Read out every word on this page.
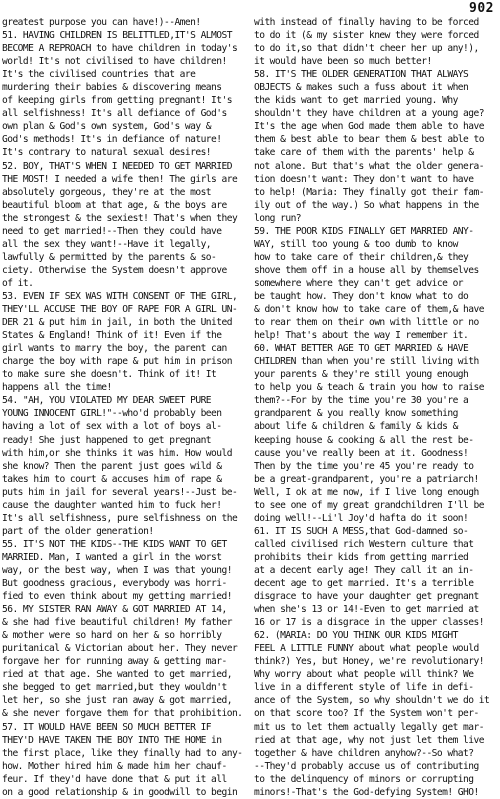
902
greatest purpose you can have!)--Amen!
51. HAVING CHILDREN IS BELITTLED,IT'S ALMOST
BECOME A REPROACH to have children in today's
world! It's not civilised to have children!
It's the civilised countries that are
murdering their babies & discovering means
of keeping girls from getting pregnant! It's
all selfishness! It's all defiance of God's
own plan & God's own system, God's way &
God's methods! It's in defiance of nature!
It's contrary to natural sexual desires!
52. BOY, THAT'S WHEN I NEEDED TO GET MARRIED
THE MOST! I needed a wife then! The girls are
absolutely gorgeous, they're at the most
beautiful bloom at that age, & the boys are
the strongest & the sexiest! That's when they
need to get married!--Then they could have
all the sex they want!--Have it legally,
lawfully & permitted by the parents & so-
ciety. Otherwise the System doesn't approve
of it.
53. EVEN IF SEX WAS WITH CONSENT OF THE GIRL,
THEY'LL ACCUSE THE BOY OF RAPE FOR A GIRL UN-
DER 21 & put him in jail, in both the United
States & England! Think of it! Even if the
girl wants to marry the boy, the parent can
charge the boy with rape & put him in prison
to make sure she doesn't. Think of it! It
happens all the time!
54. "AH, YOU VIOLATED MY DEAR SWEET PURE
YOUNG INNOCENT GIRL!"--who'd probably been
having a lot of sex with a lot of boys al-
ready! She just happened to get pregnant
with him,or she thinks it was him. How would
she know? Then the parent just goes wild &
takes him to court & accuses him of rape &
puts him in jail for several years!--Just be-
cause the daughter wanted him to fuck her!
It's all selfishness, pure selfishness on the
part of the older generation!
55. IT'S NOT THE KIDS--THE KIDS WANT TO GET
MARRIED. Man, I wanted a girl in the worst
way, or the best way, when I was that young!
But goodness gracious, everybody was horri-
fied to even think about my getting married!
56. MY SISTER RAN AWAY & GOT MARRIED AT 14,
& she had five beautiful children! My father
& mother were so hard on her & so horribly
puritanical & Victorian about her. They never
forgave her for running away & getting mar-
ried at that age. She wanted to get married,
she begged to get married,but they wouldn't
let her, so she just ran away & got married,
& she never forgave them for that prohibition.
57. IT WOULD HAVE BEEN SO MUCH BETTER IF
THEY'D HAVE TAKEN THE BOY INTO THE HOME in
the first place, like they finally had to any-
how. Mother hired him & made him her chauf-
feur. If they'd have done that & put it all
on a good relationship & in goodwill to begin
with instead of finally having to be forced
to do it (& my sister knew they were forced
to do it,so that didn't cheer her up any!),
it would have been so much better!
58. IT'S THE OLDER GENERATION THAT ALWAYS
OBJECTS & makes such a fuss about it when
the kids want to get married young. Why
shouldn't they have children at a young age?
It's the age when God made them able to have
them & best able to bear them & best able to
take care of them with the parents' help &
not alone. But that's what the older genera-
tion doesn't want: They don't want to have
to help! (Maria: They finally got their fam-
ily out of the way.) So what happens in the
long run?
59. THE POOR KIDS FINALLY GET MARRIED ANY-
WAY, still too young & too dumb to know
how to take care of their children,& they
shove them off in a house all by themselves
somewhere where they can't get advice or
be taught how. They don't know what to do
& don't know how to take care of them,& have
to rear them on their own with little or no
help! That's about the way I remember it.
60. WHAT BETTER AGE TO GET MARRIED & HAVE
CHILDREN than when you're still living with
your parents & they're still young enough
to help you & teach & train you how to raise
them?--For by the time you're 30 you're a
grandparent & you really know something
about life & children & family & kids &
keeping house & cooking & all the rest be-
cause you've really been at it. Goodness!
Then by the time you're 45 you're ready to
be a great-grandparent, you're a patriarch!
Well, I ok at me now, if I live long enough
to see one of my great grandchildren I'll be
doing well!--Li'l Joy'd hafta do it soon!
61. IT IS SUCH A MESS,that God-damned so-
called civilised rich Western culture that
prohibits their kids from getting married
at a decent early age! They call it an in-
decent age to get married. It's a terrible
disgrace to have your daughter get pregnant
when she's 13 or 14!-Even to get married at
16 or 17 is a disgrace in the upper classes!
62. (MARIA: DO YOU THINK OUR KIDS MIGHT
FEEL A LITTLE FUNNY about what people would
think?) Yes, but Honey, we're revolutionary!
Why worry about what people will think? We
live in a different style of life in defi-
ance of the System, so why shouldn't we do it
on that score too? If the System won't per-
mit us to let them actually legally get mar-
ried at that age, why not just let them live
together & have children anyhow?--So what?
--They'd probably accuse us of contributing
to the delinquency of minors or corrupting
minors!-That's the God-defying System! GHO!
